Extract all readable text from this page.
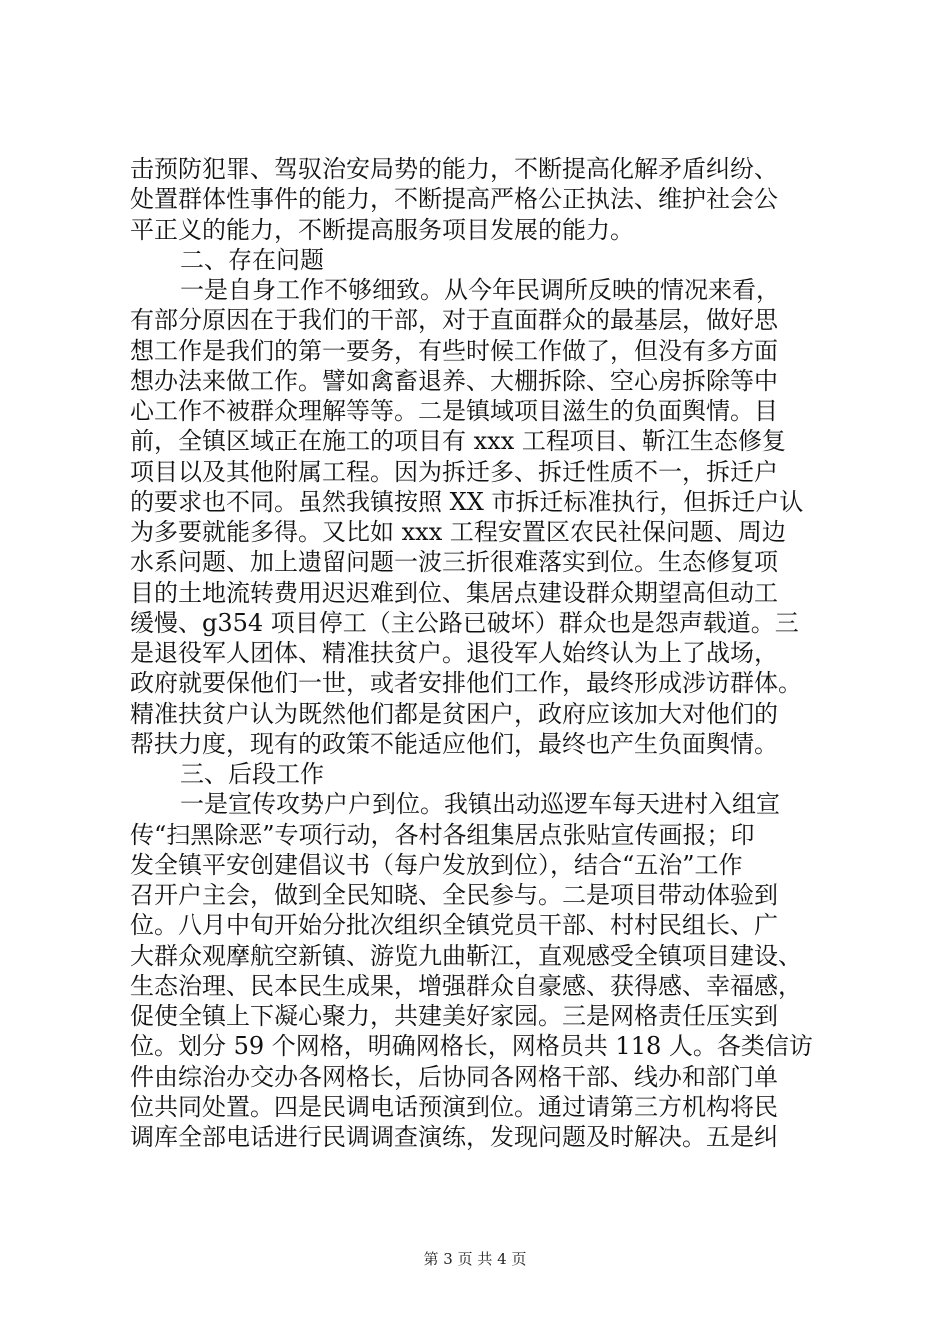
击预防犯罪、驾驭治安局势的能力，不断提高化解矛盾纠纷、
处置群体性事件的能力，不断提高严格公正执法、维护社会公
平正义的能力，不断提高服务项目发展的能力。
二、存在问题
一是自身工作不够细致。从今年民调所反映的情况来看，
有部分原因在于我们的干部，对于直面群众的最基层，做好思
想工作是我们的第一要务，有些时候工作做了，但没有多方面
想办法来做工作。譬如禽畜退养、大棚拆除、空心房拆除等中
心工作不被群众理解等等。二是镇域项目滋生的负面舆情。目
前，全镇区域正在施工的项目有 xxx 工程项目、靳江生态修复
项目以及其他附属工程。因为拆迁多、拆迁性质不一，拆迁户
的要求也不同。虽然我镇按照 XX 市拆迁标准执行，但拆迁户认
为多要就能多得。又比如 xxx 工程安置区农民社保问题、周边
水系问题、加上遗留问题一波三折很难落实到位。生态修复项
目的土地流转费用迟迟难到位、集居点建设群众期望高但动工
缓慢、g354 项目停工（主公路已破坏）群众也是怨声载道。三
是退役军人团体、精准扶贫户。退役军人始终认为上了战场，
政府就要保他们一世，或者安排他们工作，最终形成涉访群体。
精准扶贫户认为既然他们都是贫困户，政府应该加大对他们的
帮扶力度，现有的政策不能适应他们，最终也产生负面舆情。
三、后段工作
一是宣传攻势户户到位。我镇出动巡逻车每天进村入组宣
传“扫黑除恶”专项行动，各村各组集居点张贴宣传画报；印
发全镇平安创建倡议书（每户发放到位），结合“五治”工作
召开户主会，做到全民知晓、全民参与。二是项目带动体验到
位。八月中旬开始分批次组织全镇党员干部、村村民组长、广
大群众观摩航空新镇、游览九曲靳江，直观感受全镇项目建设、
生态治理、民本民生成果，增强群众自豪感、获得感、幸福感，
促使全镇上下凝心聚力，共建美好家园。三是网格责任压实到
位。划分 59 个网格，明确网格长，网格员共 118 人。各类信访
件由综治办交办各网格长，后协同各网格干部、线办和部门单
位共同处置。四是民调电话预演到位。通过请第三方机构将民
调库全部电话进行民调调查演练，发现问题及时解决。五是纠
第 3 页 共 4 页
